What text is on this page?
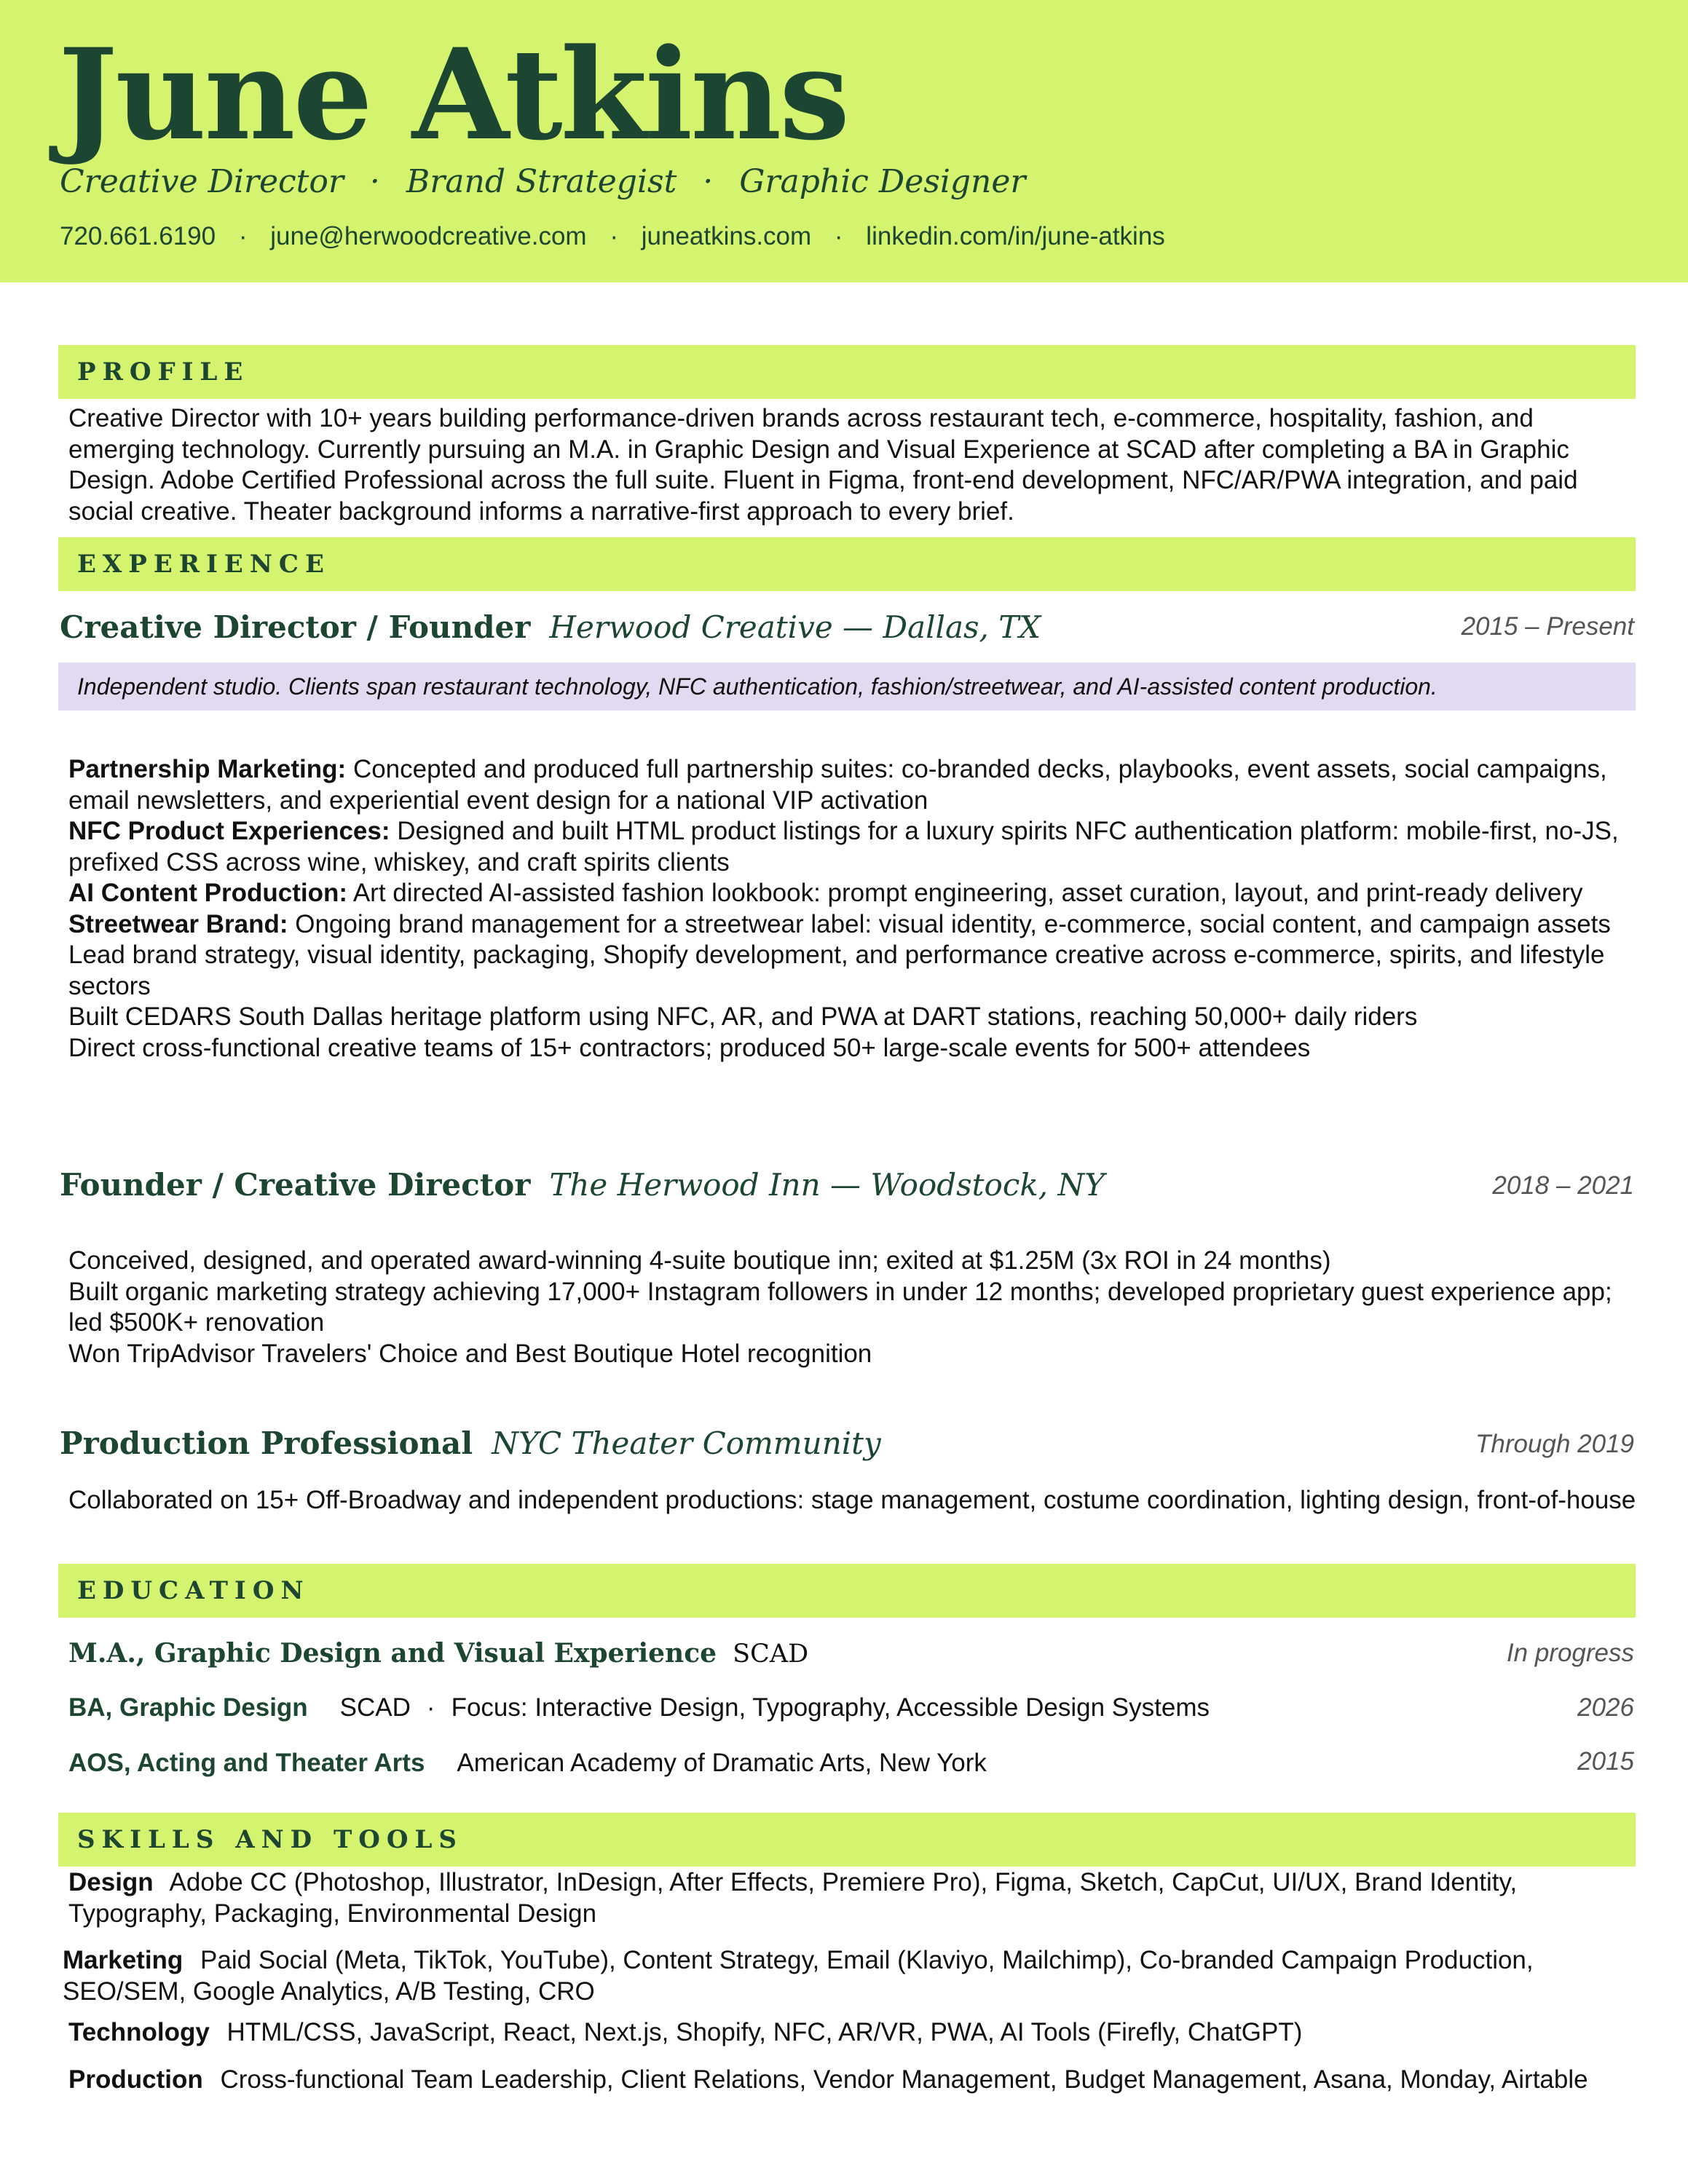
June Atkins
Creative Director · Brand Strategist · Graphic Designer
720.661.6190 · june@herwoodcreative.com · juneatkins.com · linkedin.com/in/june-atkins
PROFILE
Creative Director with 10+ years building performance-driven brands across restaurant tech, e-commerce, hospitality, fashion, and emerging technology. Currently pursuing an M.A. in Graphic Design and Visual Experience at SCAD after completing a BA in Graphic Design. Adobe Certified Professional across the full suite. Fluent in Figma, front-end development, NFC/AR/PWA integration, and paid social creative. Theater background informs a narrative-first approach to every brief.
EXPERIENCE
Creative Director / Founder Herwood Creative — Dallas, TX	2015 – Present
Independent studio. Clients span restaurant technology, NFC authentication, fashion/streetwear, and AI-assisted content production.
Partnership Marketing: Concepted and produced full partnership suites: co-branded decks, playbooks, event assets, social campaigns, email newsletters, and experiential event design for a national VIP activation
NFC Product Experiences: Designed and built HTML product listings for a luxury spirits NFC authentication platform: mobile-first, no-JS, prefixed CSS across wine, whiskey, and craft spirits clients
AI Content Production: Art directed AI-assisted fashion lookbook: prompt engineering, asset curation, layout, and print-ready delivery
Streetwear Brand: Ongoing brand management for a streetwear label: visual identity, e-commerce, social content, and campaign assets
Lead brand strategy, visual identity, packaging, Shopify development, and performance creative across e-commerce, spirits, and lifestyle sectors
Built CEDARS South Dallas heritage platform using NFC, AR, and PWA at DART stations, reaching 50,000+ daily riders
Direct cross-functional creative teams of 15+ contractors; produced 50+ large-scale events for 500+ attendees
Founder / Creative Director The Herwood Inn — Woodstock, NY	2018 – 2021
Conceived, designed, and operated award-winning 4-suite boutique inn; exited at $1.25M (3x ROI in 24 months)
Built organic marketing strategy achieving 17,000+ Instagram followers in under 12 months; developed proprietary guest experience app; led $500K+ renovation
Won TripAdvisor Travelers' Choice and Best Boutique Hotel recognition
Production Professional NYC Theater Community	Through 2019
Collaborated on 15+ Off-Broadway and independent productions: stage management, costume coordination, lighting design, front-of-house
EDUCATION
M.A., Graphic Design and Visual Experience SCAD	In progress
BA, Graphic Design SCAD · Focus: Interactive Design, Typography, Accessible Design Systems	2026
AOS, Acting and Theater Arts American Academy of Dramatic Arts, New York	2015
SKILLS AND TOOLS
Design Adobe CC (Photoshop, Illustrator, InDesign, After Effects, Premiere Pro), Figma, Sketch, CapCut, UI/UX, Brand Identity, Typography, Packaging, Environmental Design
Marketing Paid Social (Meta, TikTok, YouTube), Content Strategy, Email (Klaviyo, Mailchimp), Co-branded Campaign Production, SEO/SEM, Google Analytics, A/B Testing, CRO
Technology HTML/CSS, JavaScript, React, Next.js, Shopify, NFC, AR/VR, PWA, AI Tools (Firefly, ChatGPT)
Production Cross-functional Team Leadership, Client Relations, Vendor Management, Budget Management, Asana, Monday, Airtable
